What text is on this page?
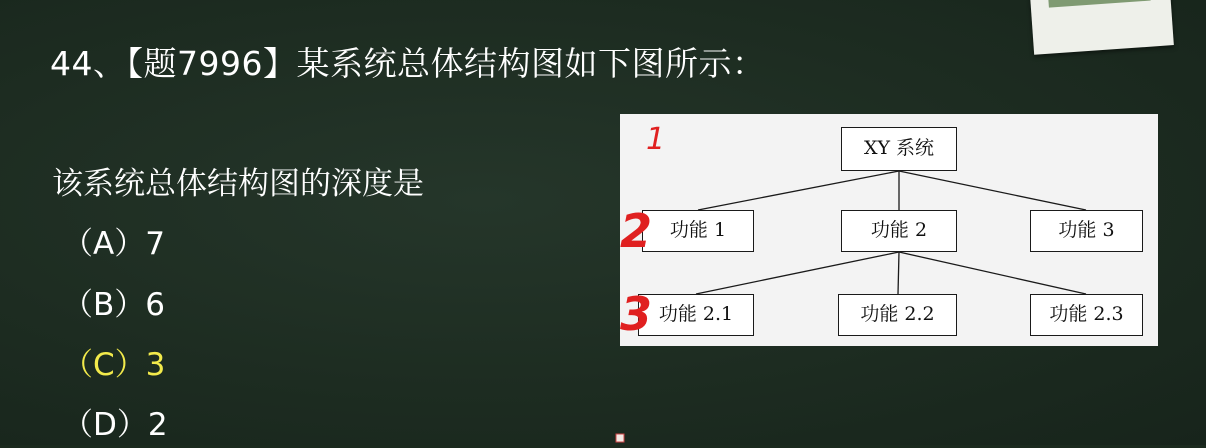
44、【题7996】某系统总体结构图如下图所示：
该系统总体结构图的深度是
（A）7
（B）6
（C）3
（D）2
XY 系统
功能 1	功能 2	功能 3
功能 2.1	功能 2.2	功能 2.3
1
2
3
